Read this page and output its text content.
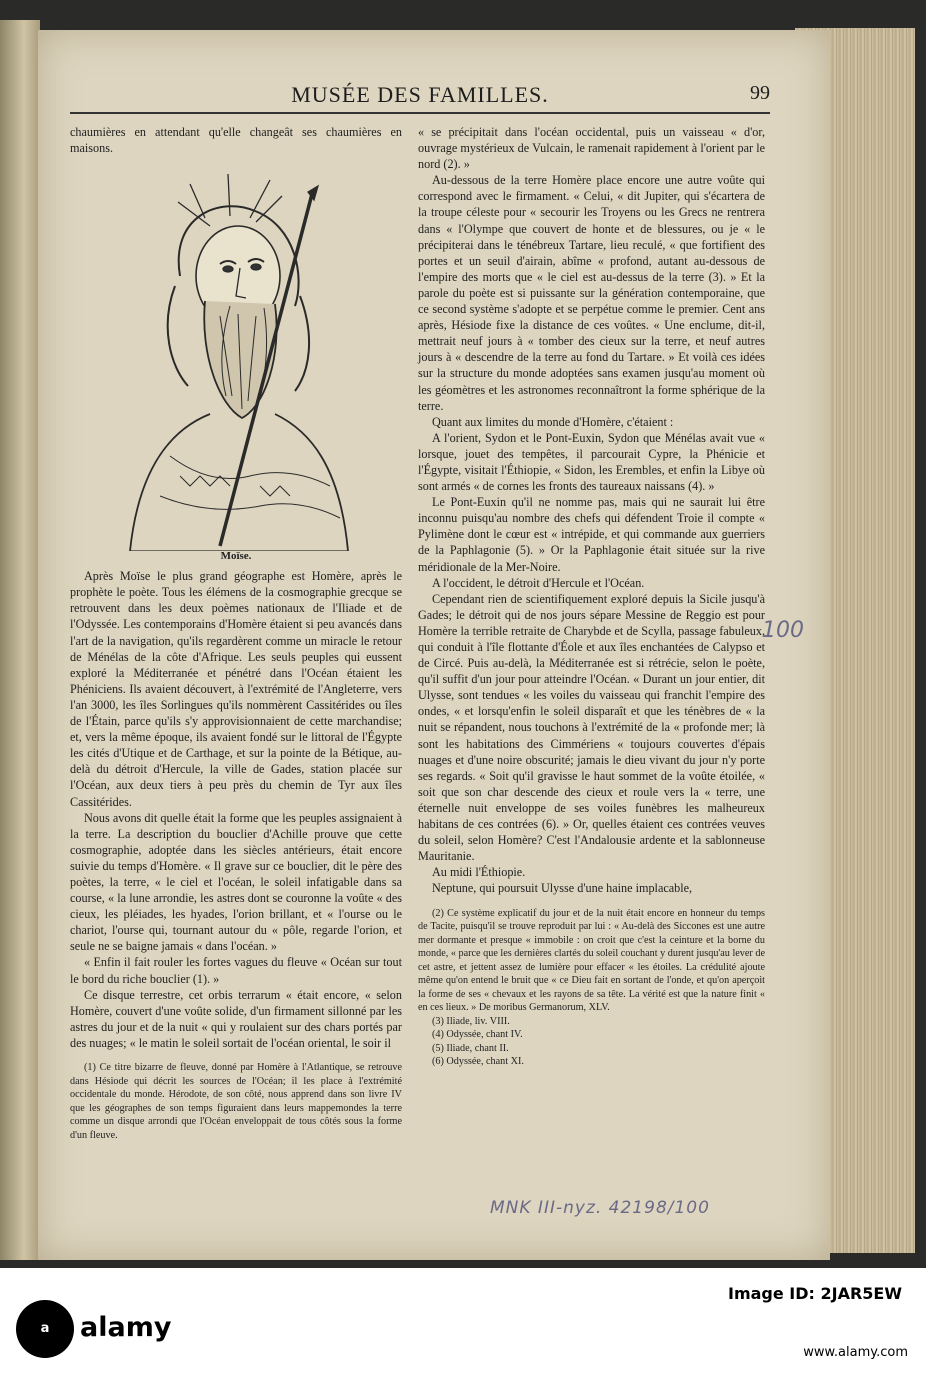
MUSÉE DES FAMILLES.	99

chaumières en attendant qu'elle changeât ses chaumières en maisons.

Moïse.

Après Moïse le plus grand géographe est Homère, après le prophète le poète. Tous les élémens de la cosmographie grecque se retrouvent dans les deux poèmes nationaux de l'Iliade et de l'Odyssée. Les contemporains d'Homère étaient si peu avancés dans l'art de la navigation, qu'ils regardèrent comme un miracle le retour de Ménélas de la côte d'Afrique. Les seuls peuples qui eussent exploré la Méditerranée et pénétré dans l'Océan étaient les Phéniciens. Ils avaient découvert, à l'extrémité de l'Angleterre, vers l'an 3000, les îles Sorlingues qu'ils nommèrent Cassitérides ou îles de l'Étain, parce qu'ils s'y approvisionnaient de cette marchandise; et, vers la même époque, ils avaient fondé sur le littoral de l'Égypte les cités d'Utique et de Carthage, et sur la pointe de la Bétique, au-delà du détroit d'Hercule, la ville de Gades, station placée sur l'Océan, aux deux tiers à peu près du chemin de Tyr aux îles Cassitérides.

Nous avons dit quelle était la forme que les peuples assignaient à la terre. La description du bouclier d'Achille prouve que cette cosmographie, adoptée dans les siècles antérieurs, était encore suivie du temps d'Homère. « Il grave sur ce bouclier, dit le père des poètes, la terre, « le ciel et l'océan, le soleil infatigable dans sa course, « la lune arrondie, les astres dont se couronne la voûte « des cieux, les pléiades, les hyades, l'orion brillant, et « l'ourse ou le chariot, l'ourse qui, tournant autour du « pôle, regarde l'orion, et seule ne se baigne jamais « dans l'océan. »

« Enfin il fait rouler les fortes vagues du fleuve « Océan sur tout le bord du riche bouclier (1). »

Ce disque terrestre, cet orbis terrarum « était encore, « selon Homère, couvert d'une voûte solide, d'un firmament sillonné par les astres du jour et de la nuit « qui y roulaient sur des chars portés par des nuages; « le matin le soleil sortait de l'océan oriental, le soir il

(1) Ce titre bizarre de fleuve, donné par Homère à l'Atlantique, se retrouve dans Hésiode qui décrit les sources de l'Océan; il les place à l'extrémité occidentale du monde. Hérodote, de son côté, nous apprend dans son livre IV que les géographes de son temps figuraient dans leurs mappemondes la terre comme un disque arrondi que l'Océan enveloppait de tous côtés sous la forme d'un fleuve.

« se précipitait dans l'océan occidental, puis un vaisseau « d'or, ouvrage mystérieux de Vulcain, le ramenait rapidement à l'orient par le nord (2). »

Au-dessous de la terre Homère place encore une autre voûte qui correspond avec le firmament. « Celui, « dit Jupiter, qui s'écartera de la troupe céleste pour « secourir les Troyens ou les Grecs ne rentrera dans « l'Olympe que couvert de honte et de blessures, ou je « le précipiterai dans le ténébreux Tartare, lieu reculé, « que fortifient des portes et un seuil d'airain, abîme « profond, autant au-dessous de l'empire des morts que « le ciel est au-dessus de la terre (3). » Et la parole du poète est si puissante sur la génération contemporaine, que ce second système s'adopte et se perpétue comme le premier. Cent ans après, Hésiode fixe la distance de ces voûtes. « Une enclume, dit-il, mettrait neuf jours à « tomber des cieux sur la terre, et neuf autres jours à « descendre de la terre au fond du Tartare. » Et voilà ces idées sur la structure du monde adoptées sans examen jusqu'au moment où les géomètres et les astronomes reconnaîtront la forme sphérique de la terre.

Quant aux limites du monde d'Homère, c'étaient :

A l'orient, Sydon et le Pont-Euxin, Sydon que Ménélas avait vue « lorsque, jouet des tempêtes, il parcourait Cypre, la Phénicie et l'Égypte, visitait l'Éthiopie, « Sidon, les Erembles, et enfin la Libye où sont armés « de cornes les fronts des taureaux naissans (4). »

Le Pont-Euxin qu'il ne nomme pas, mais qui ne saurait lui être inconnu puisqu'au nombre des chefs qui défendent Troie il compte « Pylimène dont le cœur est « intrépide, et qui commande aux guerriers de la Paphlagonie (5). » Or la Paphlagonie était située sur la rive méridionale de la Mer-Noire.

A l'occident, le détroit d'Hercule et l'Océan.

Cependant rien de scientifiquement exploré depuis la Sicile jusqu'à Gades; le détroit qui de nos jours sépare Messine de Reggio est pour Homère la terrible retraite de Charybde et de Scylla, passage fabuleux, qui conduit à l'île flottante d'Éole et aux îles enchantées de Calypso et de Circé. Puis au-delà, la Méditerranée est si rétrécie, selon le poète, qu'il suffit d'un jour pour atteindre l'Océan. « Durant un jour entier, dit Ulysse, sont tendues « les voiles du vaisseau qui franchit l'empire des ondes, « et lorsqu'enfin le soleil disparaît et que les ténèbres de « la nuit se répandent, nous touchons à l'extrémité de la « profonde mer; là sont les habitations des Cimmériens « toujours couvertes d'épais nuages et d'une noire obscurité; jamais le dieu vivant du jour n'y porte ses regards. « Soit qu'il gravisse le haut sommet de la voûte étoilée, « soit que son char descende des cieux et roule vers la « terre, une éternelle nuit enveloppe de ses voiles funèbres les malheureux habitans de ces contrées (6). » Or, quelles étaient ces contrées veuves du soleil, selon Homère? C'est l'Andalousie ardente et la sablonneuse Mauritanie.

Au midi l'Éthiopie.

Neptune, qui poursuit Ulysse d'une haine implacable,

(2) Ce système explicatif du jour et de la nuit était encore en honneur du temps de Tacite, puisqu'il se trouve reproduit par lui : « Au-delà des Siccones est une autre mer dormante et presque « immobile : on croit que c'est la ceinture et la borne du monde, « parce que les dernières clartés du soleil couchant y durent jusqu'au lever de cet astre, et jettent assez de lumière pour effacer « les étoiles. La crédulité ajoute même qu'on entend le bruit que « ce Dieu fait en sortant de l'onde, et qu'on aperçoit la forme de ses « chevaux et les rayons de sa tête. La vérité est que la nature finit « en ces lieux. » De moribus Germanorum, XLV.

(3) Iliade, liv. VIII.

(4) Odyssée, chant IV.

(5) Iliade, chant II.

(6) Odyssée, chant XI.

100
MNK III-nyz. 42198/100
a	alamy
Image ID: 2JAR5EW
www.alamy.com
